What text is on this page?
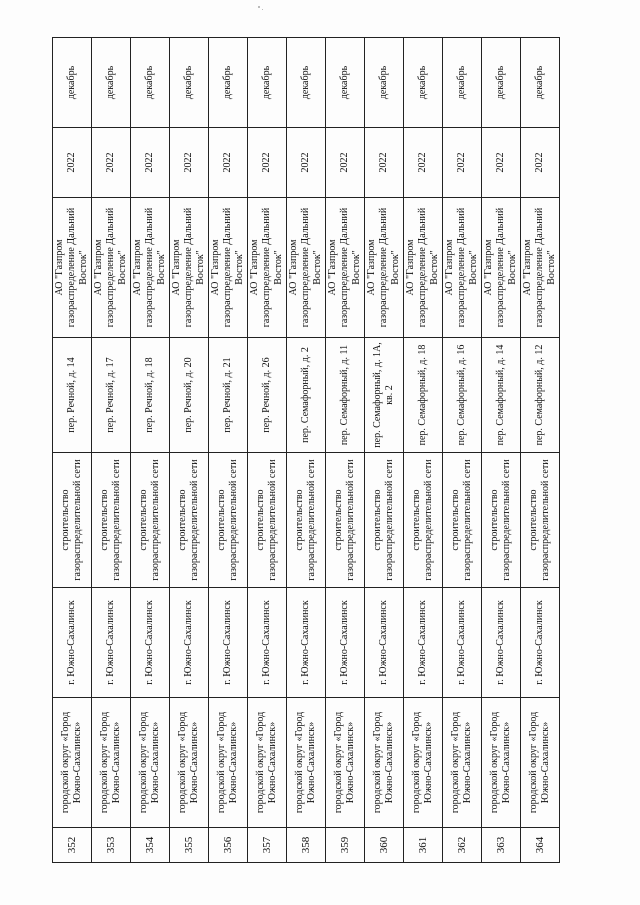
352	городской округ «Город Южно-Сахалинск»	г. Южно-Сахалинск	строительство газораспределительной сети	пер. Речной, д. 14	АО "Газпром газораспределение Дальний Восток"	2022	декабрь
353	городской округ «Город Южно-Сахалинск»	г. Южно-Сахалинск	строительство газораспределительной сети	пер. Речной, д. 17	АО "Газпром газораспределение Дальний Восток"	2022	декабрь
354	городской округ «Город Южно-Сахалинск»	г. Южно-Сахалинск	строительство газораспределительной сети	пер. Речной, д. 18	АО "Газпром газораспределение Дальний Восток"	2022	декабрь
355	городской округ «Город Южно-Сахалинск»	г. Южно-Сахалинск	строительство газораспределительной сети	пер. Речной, д. 20	АО "Газпром газораспределение Дальний Восток"	2022	декабрь
356	городской округ «Город Южно-Сахалинск»	г. Южно-Сахалинск	строительство газораспределительной сети	пер. Речной, д. 21	АО "Газпром газораспределение Дальний Восток"	2022	декабрь
357	городской округ «Город Южно-Сахалинск»	г. Южно-Сахалинск	строительство газораспределительной сети	пер. Речной, д. 26	АО "Газпром газораспределение Дальний Восток"	2022	декабрь
358	городской округ «Город Южно-Сахалинск»	г. Южно-Сахалинск	строительство газораспределительной сети	пер. Семафорный, д. 2	АО "Газпром газораспределение Дальний Восток"	2022	декабрь
359	городской округ «Город Южно-Сахалинск»	г. Южно-Сахалинск	строительство газораспределительной сети	пер. Семафорный, д. 11	АО "Газпром газораспределение Дальний Восток"	2022	декабрь
360	городской округ «Город Южно-Сахалинск»	г. Южно-Сахалинск	строительство газораспределительной сети	пер. Семафорный, д. 1А, кв. 2	АО "Газпром газораспределение Дальний Восток"	2022	декабрь
361	городской округ «Город Южно-Сахалинск»	г. Южно-Сахалинск	строительство газораспределительной сети	пер. Семафорный, д. 18	АО "Газпром газораспределение Дальний Восток"	2022	декабрь
362	городской округ «Город Южно-Сахалинск»	г. Южно-Сахалинск	строительство газораспределительной сети	пер. Семафорный, д. 16	АО "Газпром газораспределение Дальний Восток"	2022	декабрь
363	городской округ «Город Южно-Сахалинск»	г. Южно-Сахалинск	строительство газораспределительной сети	пер. Семафорный, д. 14	АО "Газпром газораспределение Дальний Восток"	2022	декабрь
364	городской округ «Город Южно-Сахалинск»	г. Южно-Сахалинск	строительство газораспределительной сети	пер. Семафорный, д. 12	АО "Газпром газораспределение Дальний Восток"	2022	декабрь
